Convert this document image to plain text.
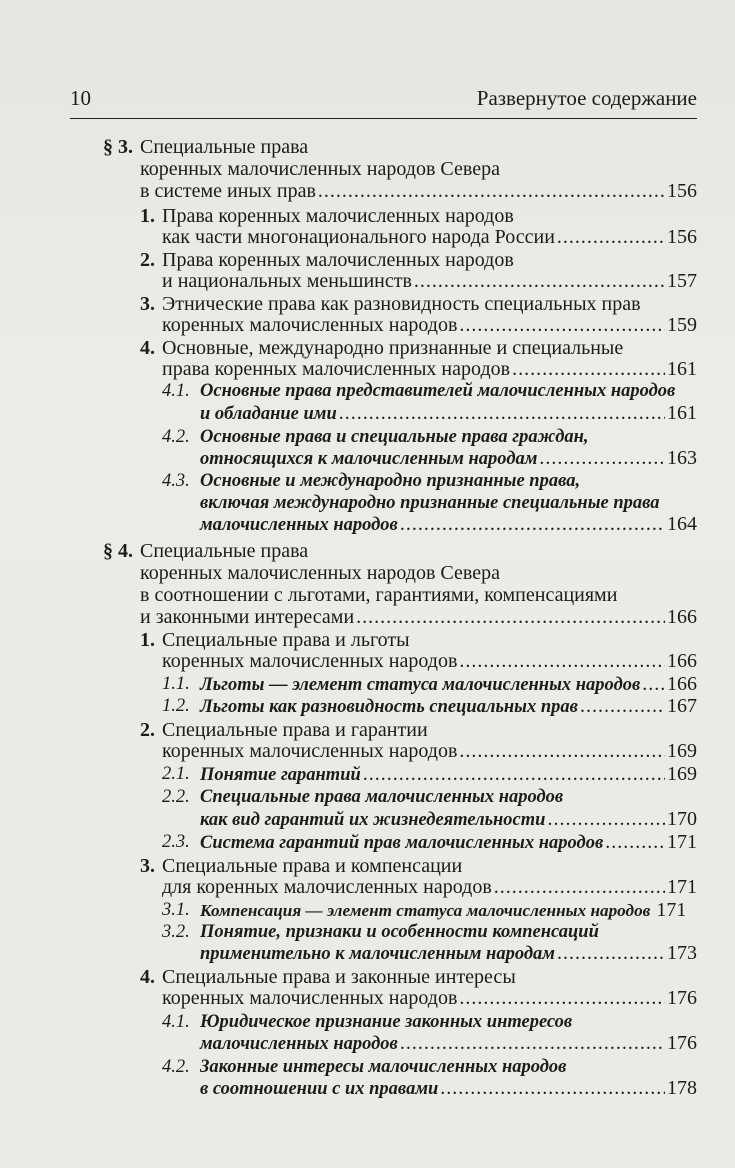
10	Развернутое содержание
§ 3. Специальные права
коренных малочисленных народов Севера
в системе иных прав .....	156
1. Права коренных малочисленных народов
как части многонационального народа России .....	156
2. Права коренных малочисленных народов
и национальных меньшинств .....	157
3. Этнические права как разновидность специальных прав
коренных малочисленных народов .....	159
4. Основные, международно признанные и специальные
права коренных малочисленных народов .....	161
4.1. Основные права представителей малочисленных народов
и обладание ими .....	161
4.2. Основные права и специальные права граждан,
относящихся к малочисленным народам .....	163
4.3. Основные и международно признанные права,
включая международно признанные специальные права
малочисленных народов .....	164
§ 4. Специальные права
коренных малочисленных народов Севера
в соотношении с льготами, гарантиями, компенсациями
и законными интересами .....	166
1. Специальные права и льготы
коренных малочисленных народов .....	166
1.1. Льготы — элемент статуса малочисленных народов ..... 166
1.2. Льготы как разновидность специальных прав .....	167
2. Специальные права и гарантии
коренных малочисленных народов .....	169
2.1. Понятие гарантий .....	169
2.2. Специальные права малочисленных народов
как вид гарантий их жизнедеятельности .....	170
2.3. Система гарантий прав малочисленных народов .....	171
3. Специальные права и компенсации
для коренных малочисленных народов .....	171
3.1. Компенсация — элемент статуса малочисленных народов 171
3.2. Понятие, признаки и особенности компенсаций
применительно к малочисленным народам .....	173
4. Специальные права и законные интересы
коренных малочисленных народов .....	176
4.1. Юридическое признание законных интересов
малочисленных народов .....	176
4.2. Законные интересы малочисленных народов
в соотношении с их правами .....	178
